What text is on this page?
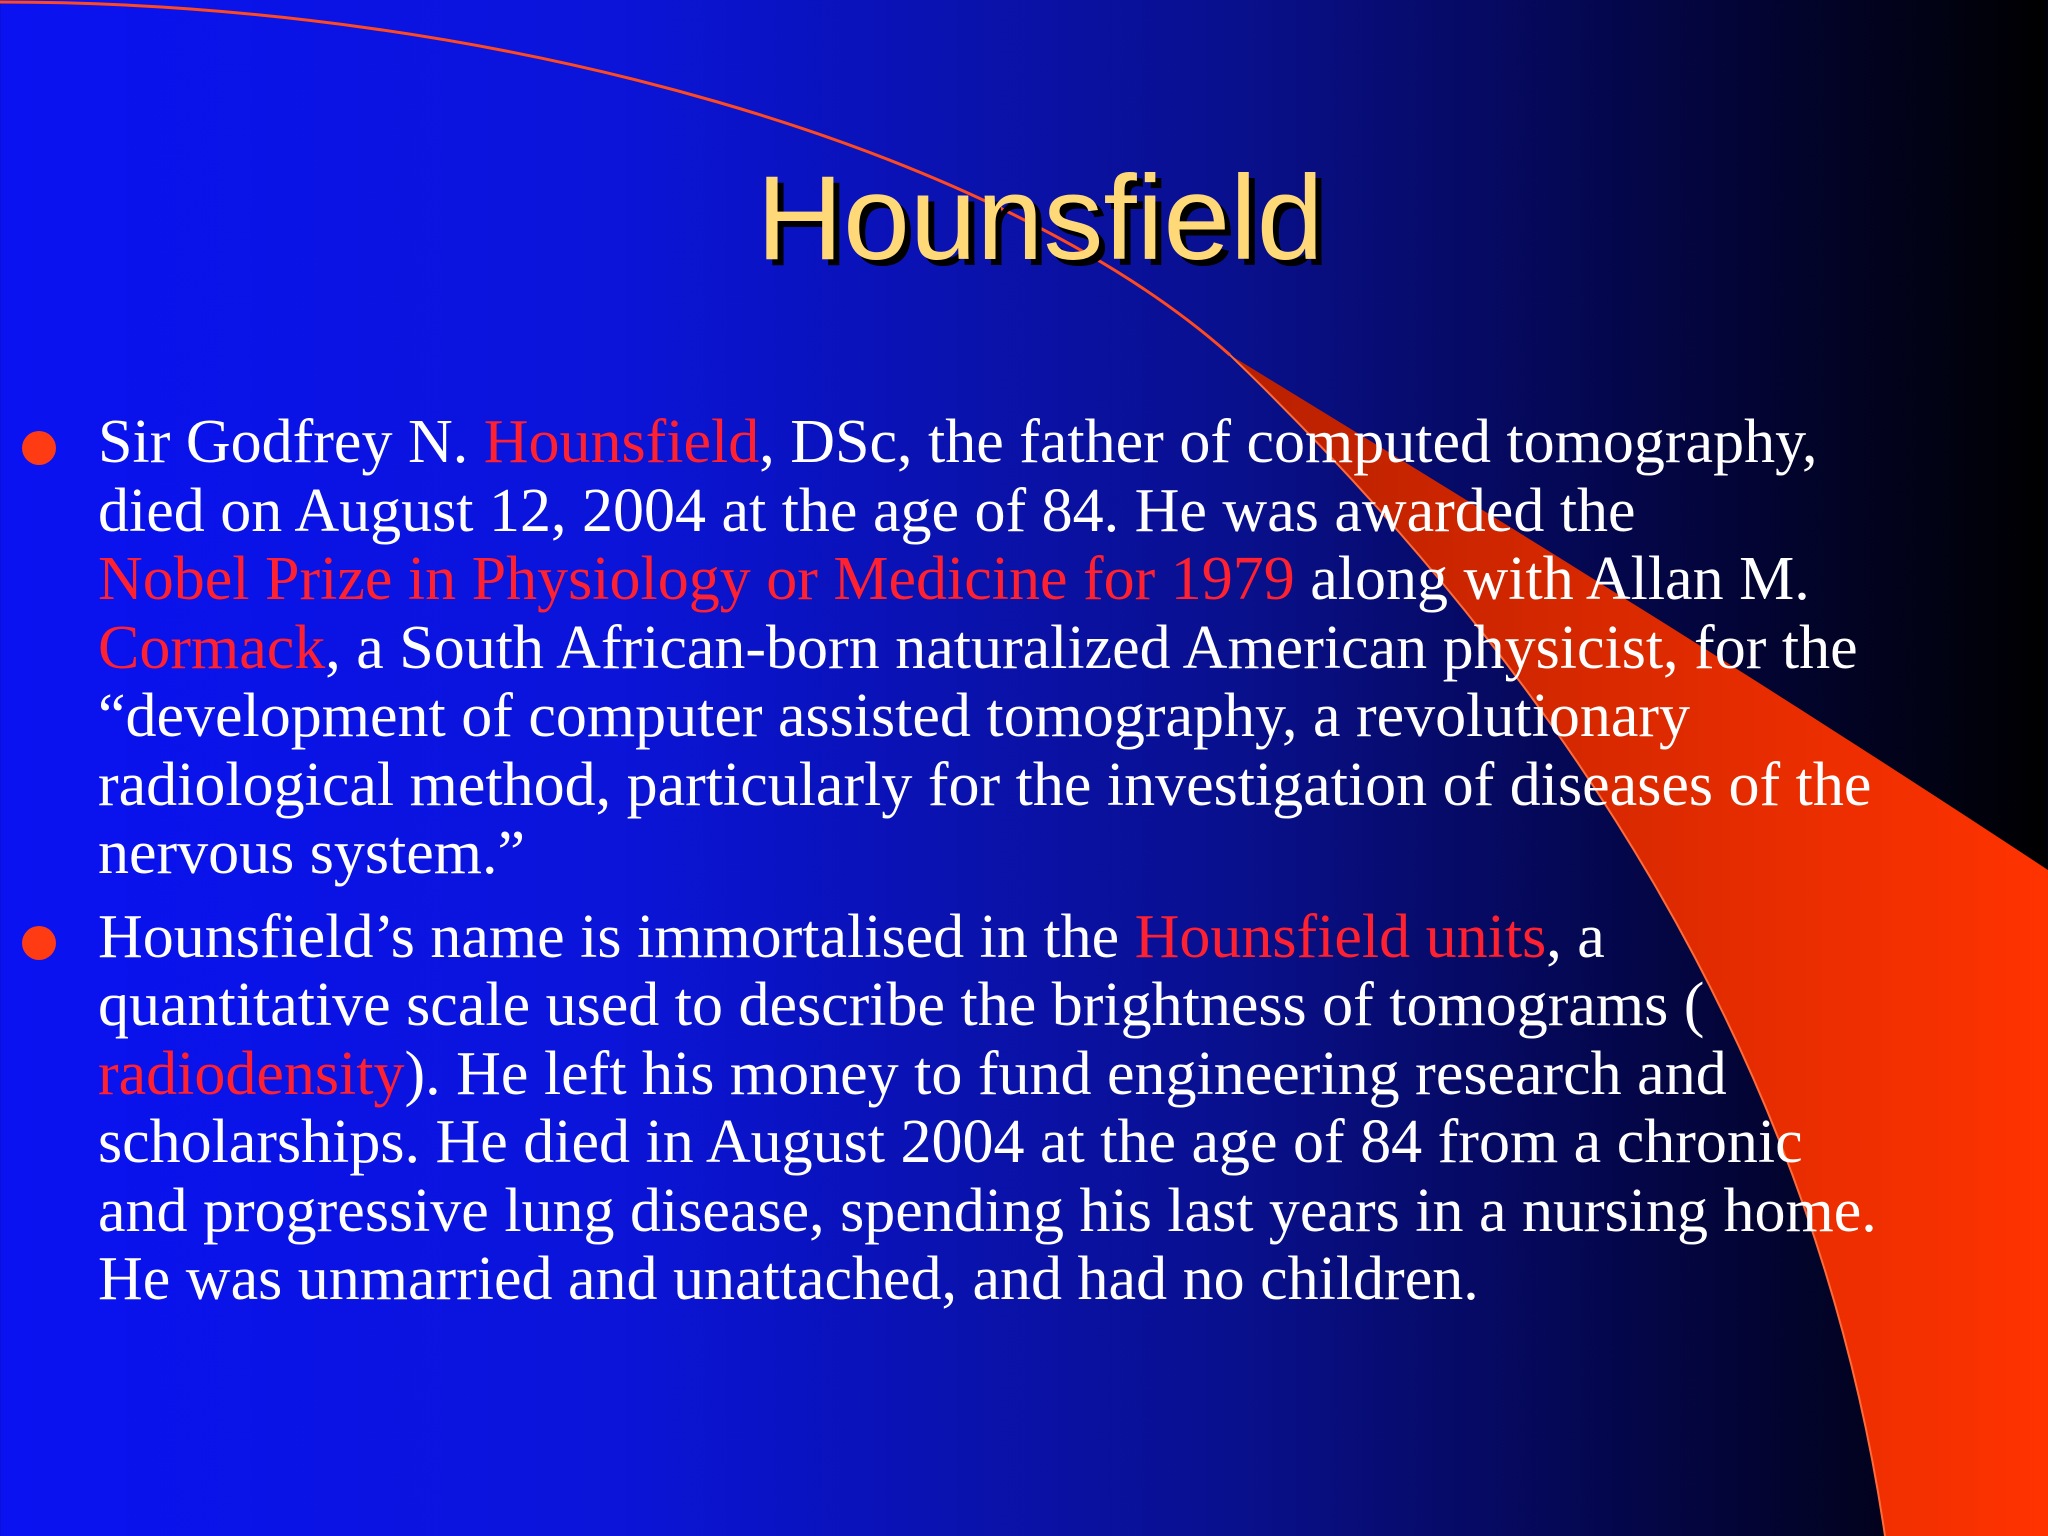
Hounsfield
Sir Godfrey N. Hounsfield, DSc, the father of computed tomography,
died on August 12, 2004 at the age of 84. He was awarded the
Nobel Prize in Physiology or Medicine for 1979 along with Allan M.
Cormack, a South African-born naturalized American physicist, for the
“development of computer assisted tomography, a revolutionary
radiological method, particularly for the investigation of diseases of the
nervous system.”
Hounsfield’s name is immortalised in the Hounsfield units, a
quantitative scale used to describe the brightness of tomograms (
radiodensity). He left his money to fund engineering research and
scholarships. He died in August 2004 at the age of 84 from a chronic
and progressive lung disease, spending his last years in a nursing home.
He was unmarried and unattached, and had no children.
